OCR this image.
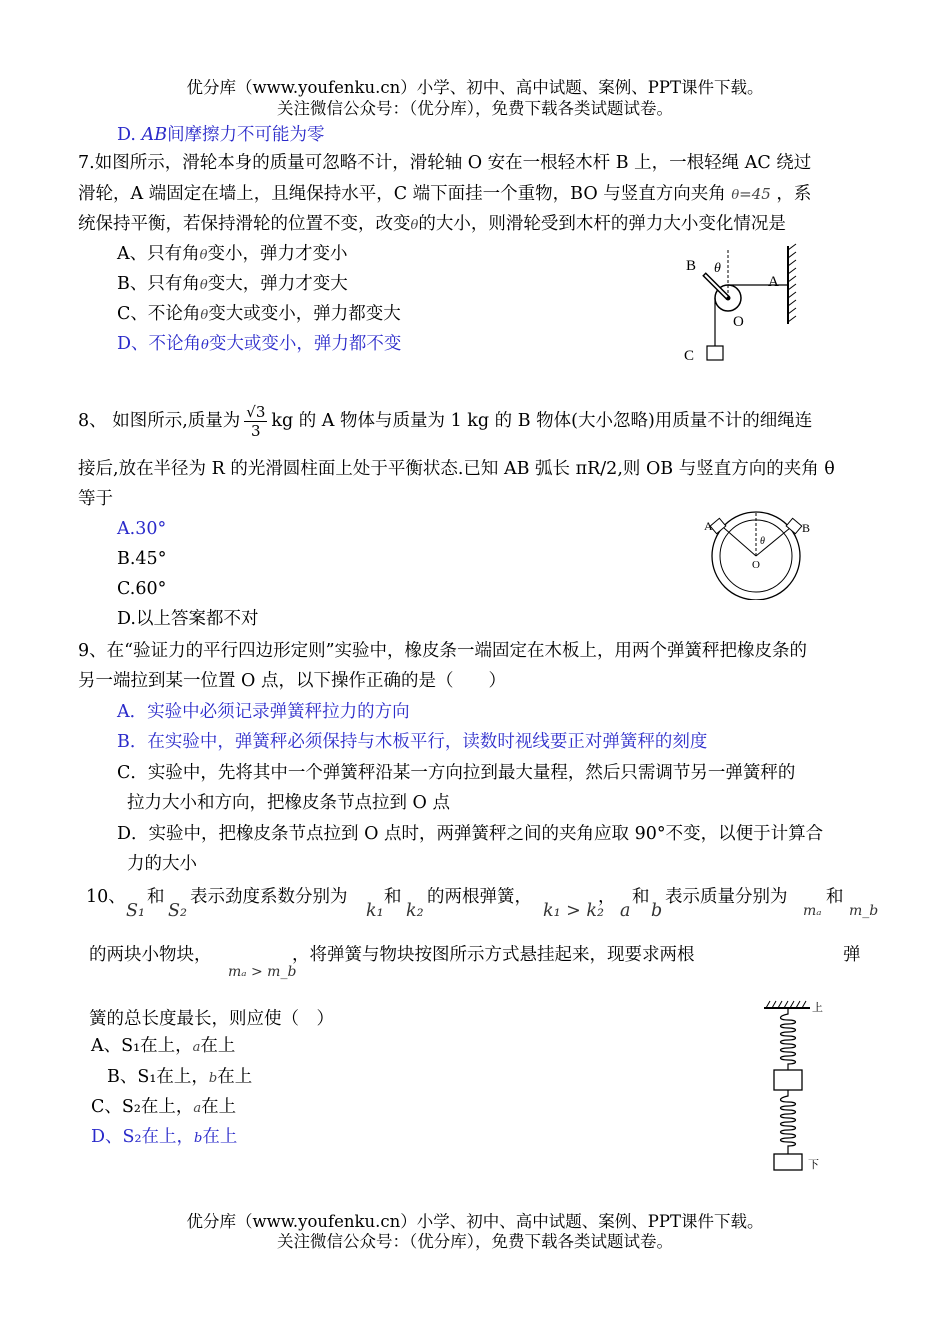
优分库（www.youfenku.cn）小学、初中、高中试题、案例、PPT课件下载。
关注微信公众号：（优分库），免费下载各类试题试卷。
D. AB间摩擦力不可能为零
7.如图所示，滑轮本身的质量可忽略不计，滑轮轴 O 安在一根轻木杆 B 上，一根轻绳 AC 绕过
滑轮，A 端固定在墙上，且绳保持水平，C 端下面挂一个重物，BO 与竖直方向夹角 θ=45 ，系
统保持平衡，若保持滑轮的位置不变，改变θ的大小，则滑轮受到木杆的弹力大小变化情况是
A、只有角θ变小，弹力才变小
B、只有角θ变大，弹力才变大
C、不论角θ变大或变小，弹力都变大
D、不论角θ变大或变小，弹力都不变
B θ
A
O
C
8、 如图所示,质量为 $\frac{√3}{3}$ kg 的 A 物体与质量为 1 kg 的 B 物体(大小忽略)用质量不计的细绳连
接后,放在半径为 R 的光滑圆柱面上处于平衡状态.已知 AB 弧长 πR/2,则 OB 与竖直方向的夹角 θ
等于
A.30°
B.45°
C.60°
D.以上答案都不对
A	B
O
θ
9、在“验证力的平行四边形定则”实验中，橡皮条一端固定在木板上，用两个弹簧秤把橡皮条的
另一端拉到某一位置 O 点，以下操作正确的是（　　）
A．实验中必须记录弹簧秤拉力的方向
B．在实验中，弹簧秤必须保持与木板平行，读数时视线要正对弹簧秤的刻度
C．实验中，先将其中一个弹簧秤沿某一方向拉到最大量程，然后只需调节另一弹簧秤的
拉力大小和方向，把橡皮条节点拉到 O 点
D．实验中，把橡皮条节点拉到 O 点时，两弹簧秤之间的夹角应取 90°不变，以便于计算合
力的大小
10、
S₁
和
S₂
表示劲度系数分别为
k₁
和
k₂
的两根弹簧，
k₁ > k₂
，
a
和
b
表示质量分别为
mₐ
和
m_b
的两块小物块，
mₐ > m_b
，将弹簧与物块按图所示方式悬挂起来，现要求两根	弹
簧的总长度最长，则应使（　）
A、S₁在上，a在上
B、S₁在上，b在上
C、S₂在上，a在上
D、S₂在上，b在上
上
下
优分库（www.youfenku.cn）小学、初中、高中试题、案例、PPT课件下载。
关注微信公众号：（优分库），免费下载各类试题试卷。
